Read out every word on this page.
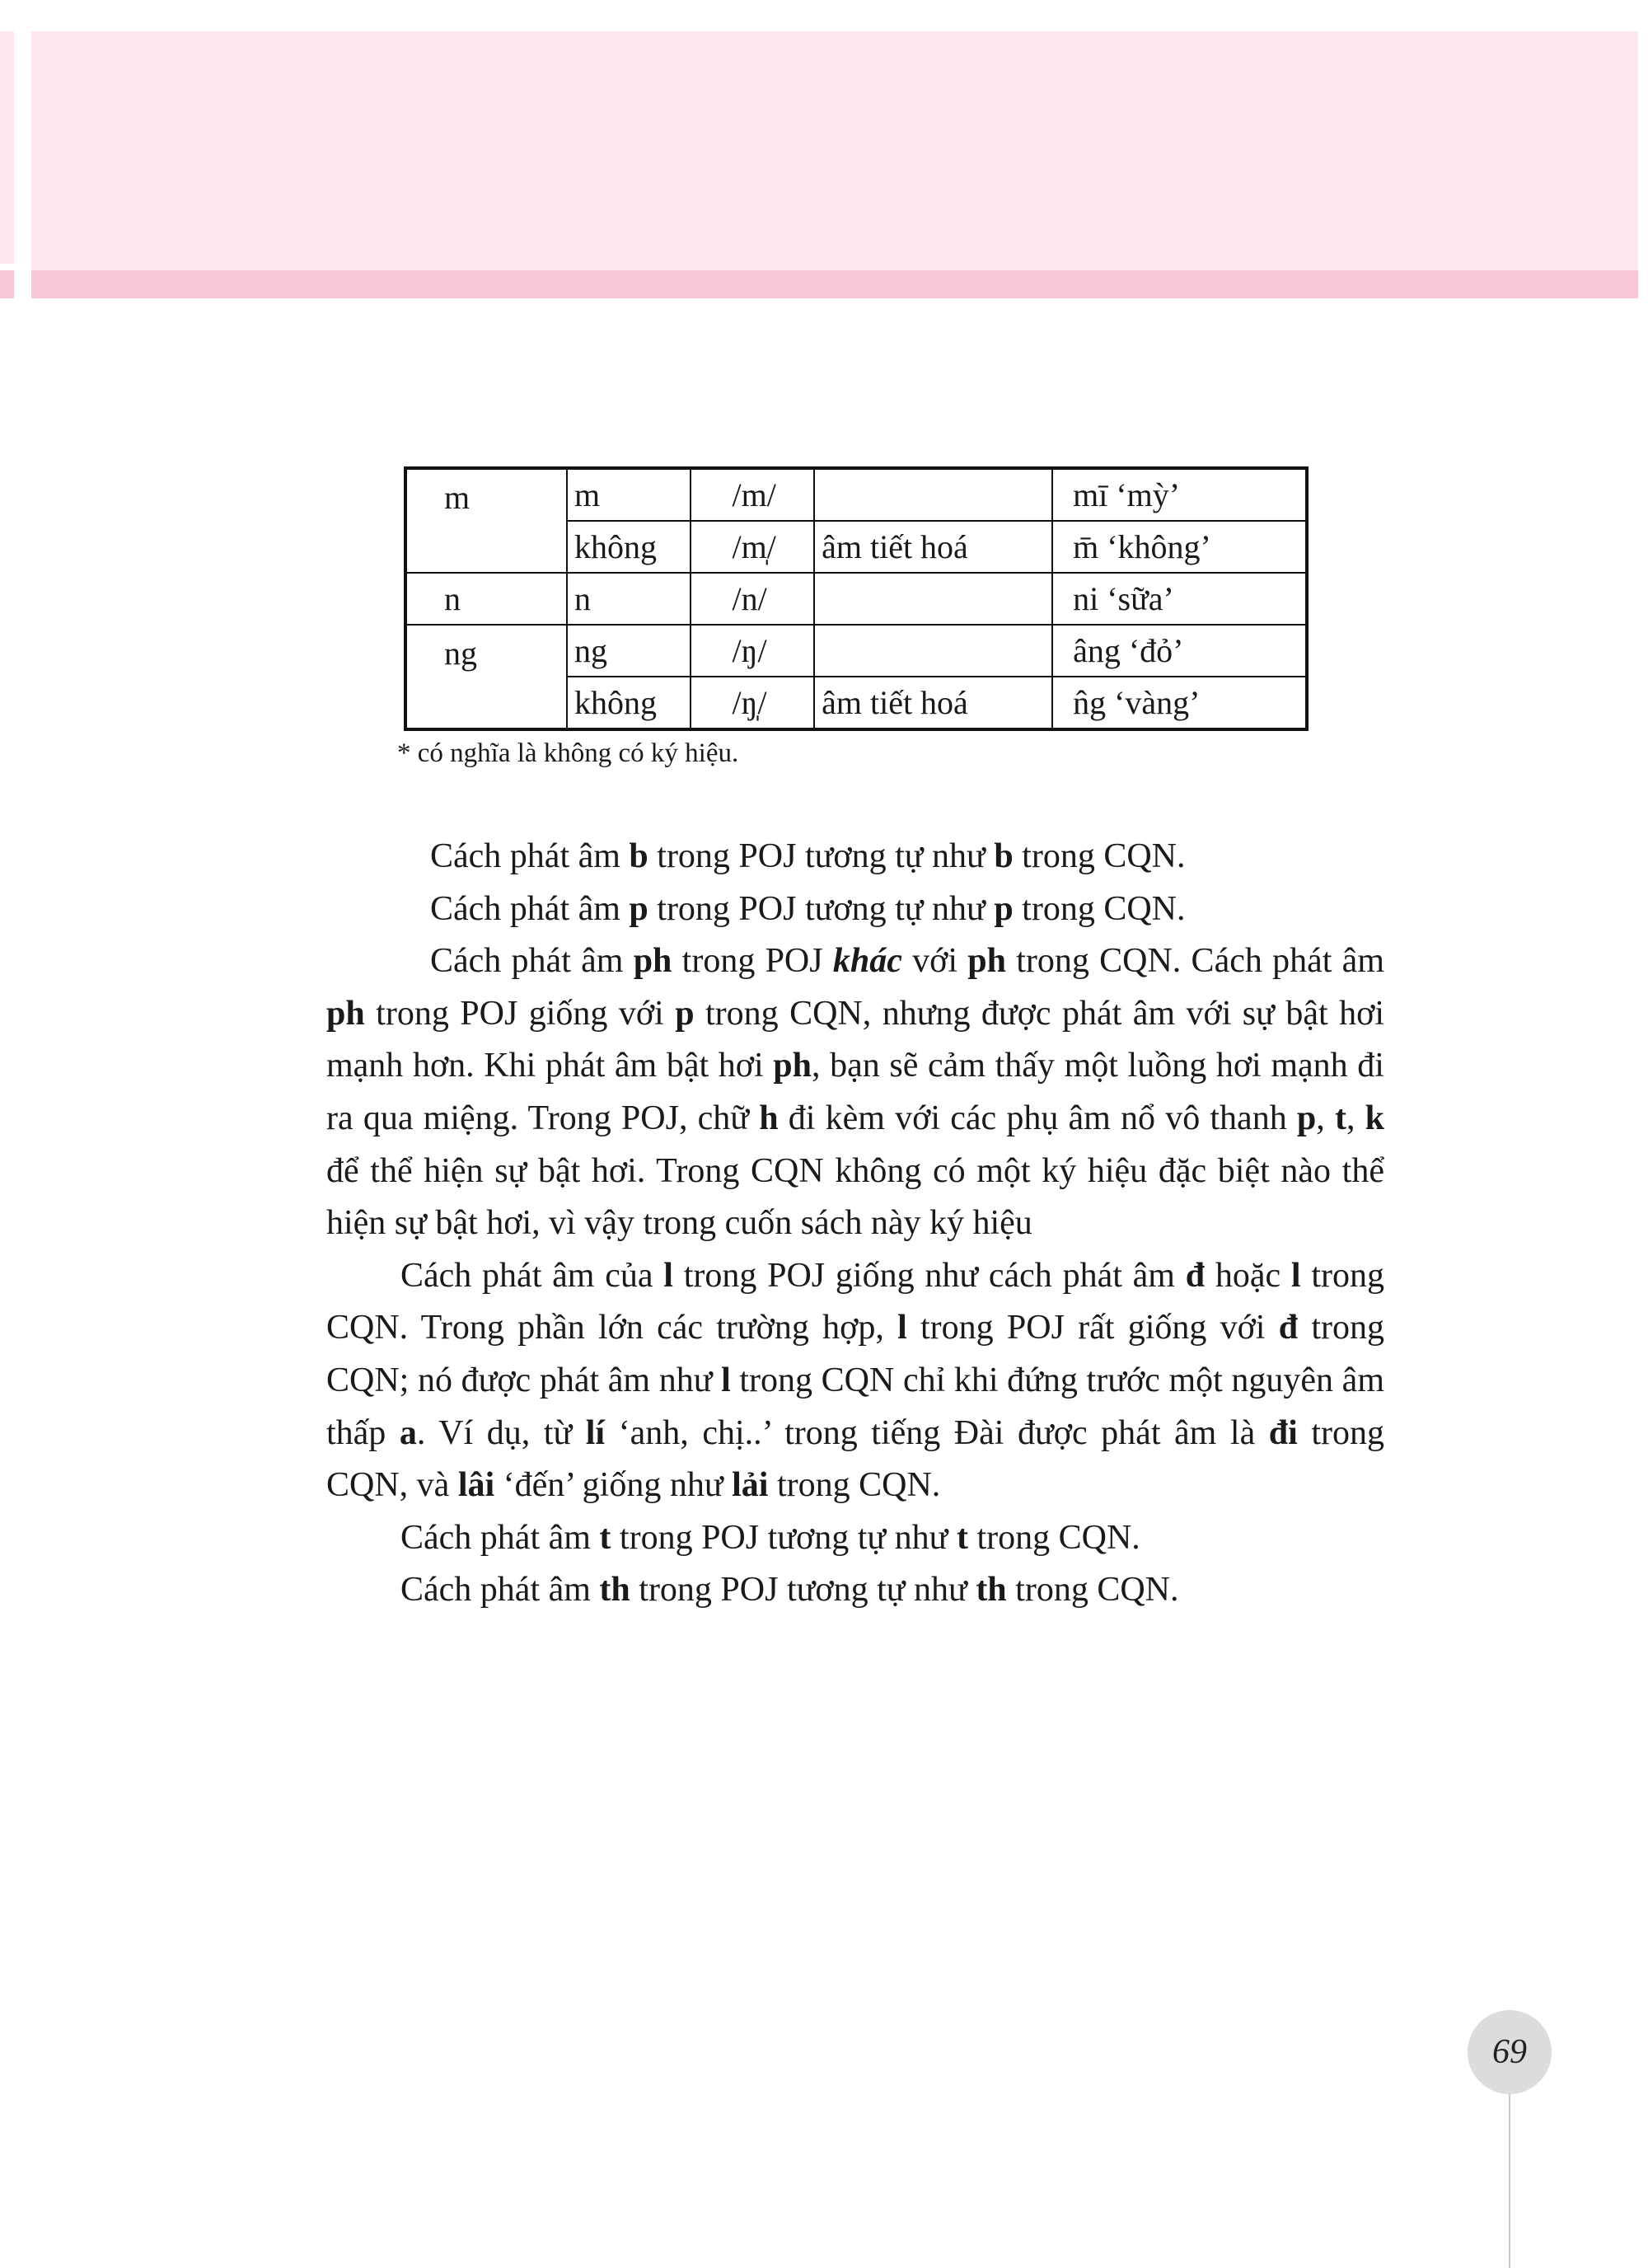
m	m	/m/		mī ‘mỳ’
	không	/m̩/	âm tiết hoá	m̄ ‘không’
n	n	/n/		ni ‘sữa’
ng	ng	/ŋ/		âng ‘đỏ’
	không	/ŋ̩/	âm tiết hoá	n̂g ‘vàng’
* có nghĩa là không có ký hiệu.

Cách phát âm b trong POJ tương tự như b trong CQN.

Cách phát âm p trong POJ tương tự như p trong CQN.

Cách phát âm ph trong POJ khác với ph trong CQN. Cách phát âm ph trong POJ giống với p trong CQN, nhưng được phát âm với sự bật hơi mạnh hơn. Khi phát âm bật hơi ph, bạn sẽ cảm thấy một luồng hơi mạnh đi ra qua miệng. Trong POJ, chữ h đi kèm với các phụ âm nổ vô thanh p, t, k để thể hiện sự bật hơi. Trong CQN không có một ký hiệu đặc biệt nào thể hiện sự bật hơi, vì vậy trong cuốn sách này ký hiệu

Cách phát âm của l trong POJ giống như cách phát âm đ hoặc l trong CQN. Trong phần lớn các trường hợp, l trong POJ rất giống với đ trong CQN; nó được phát âm như l trong CQN chỉ khi đứng trước một nguyên âm thấp a. Ví dụ, từ lí ‘anh, chị..’ trong tiếng Đài được phát âm là đi trong CQN, và lâi ‘đến’ giống như lải trong CQN.

Cách phát âm t trong POJ tương tự như t trong CQN.

Cách phát âm th trong POJ tương tự như th trong CQN.

69
